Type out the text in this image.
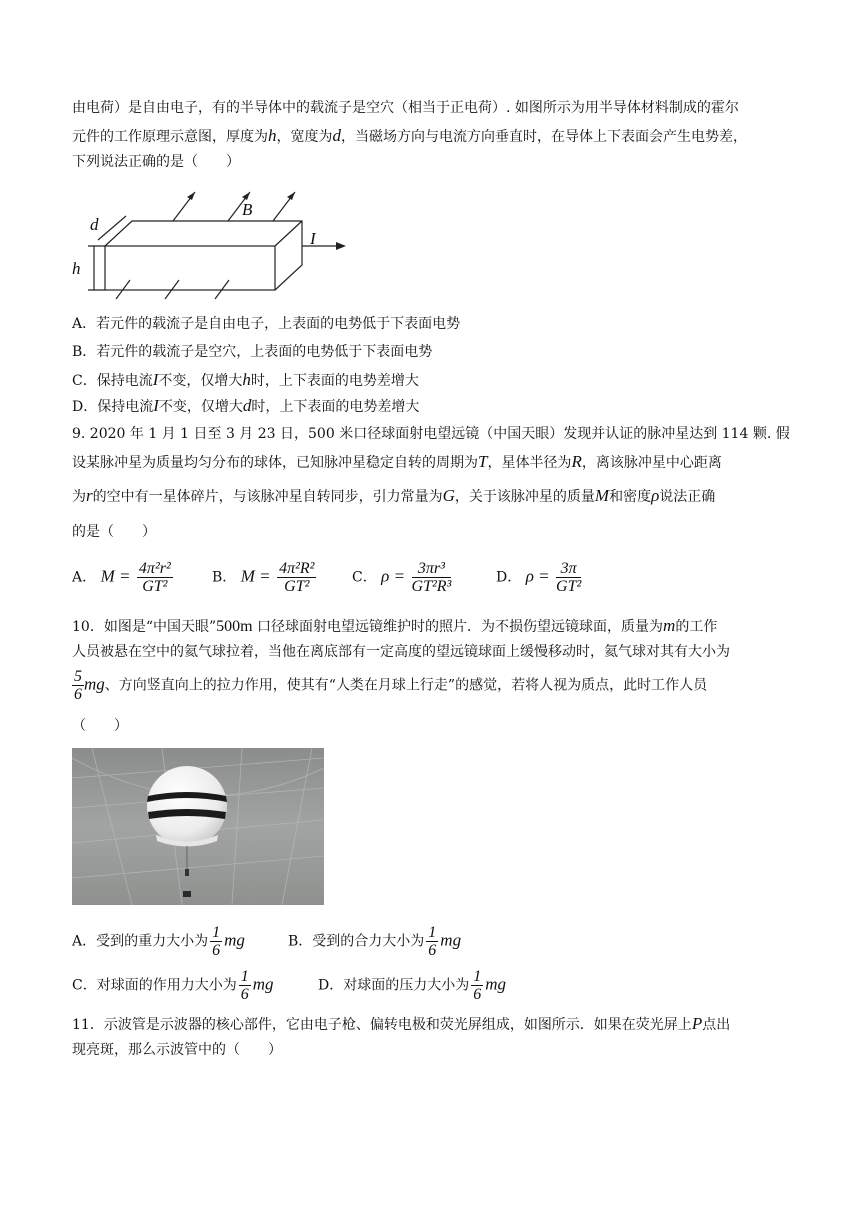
由电荷）是自由电子，有的半导体中的载流子是空穴（相当于正电荷）. 如图所示为用半导体材料制成的霍尔
元件的工作原理示意图，厚度为h，宽度为d，当磁场方向与电流方向垂直时，在导体上下表面会产生电势差，
下列说法正确的是（　　）
d
h
B
I
A．若元件的载流子是自由电子，上表面的电势低于下表面电势
B．若元件的载流子是空穴，上表面的电势低于下表面电势
C．保持电流I不变，仅增大h时，上下表面的电势差增大
D．保持电流I不变，仅增大d时，上下表面的电势差增大
9. 2020 年 1 月 1 日至 3 月 23 日，500 米口径球面射电望远镜（中国天眼）发现并认证的脉冲星达到 114 颗. 假
设某脉冲星为质量均匀分布的球体，已知脉冲星稳定自转的周期为T，星体半径为R，离该脉冲星中心距离
为r的空中有一星体碎片，与该脉冲星自转同步，引力常量为G，关于该脉冲星的质量M和密度ρ说法正确
的是（　　）
A． $M = \frac{\text{4π²r²}}{\text{GT²}}$	B． $M = \frac{\text{4π²R²}}{\text{GT²}}$	C． $\rho = \frac{\text{3πr³}}{\text{GT²R³}}$	D． $\rho = \frac{3\pi}{\text{GT²}}$
10．如图是“中国天眼”500m 口径球面射电望远镜维护时的照片．为不损伤望远镜球面，质量为m的工作
人员被悬在空中的氦气球拉着，当他在离底部有一定高度的望远镜球面上缓慢移动时，氦气球对其有大小为
$\frac{5}{6}$ mg、方向竖直向上的拉力作用，使其有“人类在月球上行走”的感觉，若将人视为质点，此时工作人员
（　　）
A．受到的重力大小为 $\frac{1}{6}$ mg	B．受到的合力大小为 $\frac{1}{6}$ mg
C．对球面的作用力大小为 $\frac{1}{6}$ mg	D．对球面的压力大小为 $\frac{1}{6}$ mg
11．示波管是示波器的核心部件，它由电子枪、偏转电极和荧光屏组成，如图所示．如果在荧光屏上P点出
现亮斑，那么示波管中的（　　）
